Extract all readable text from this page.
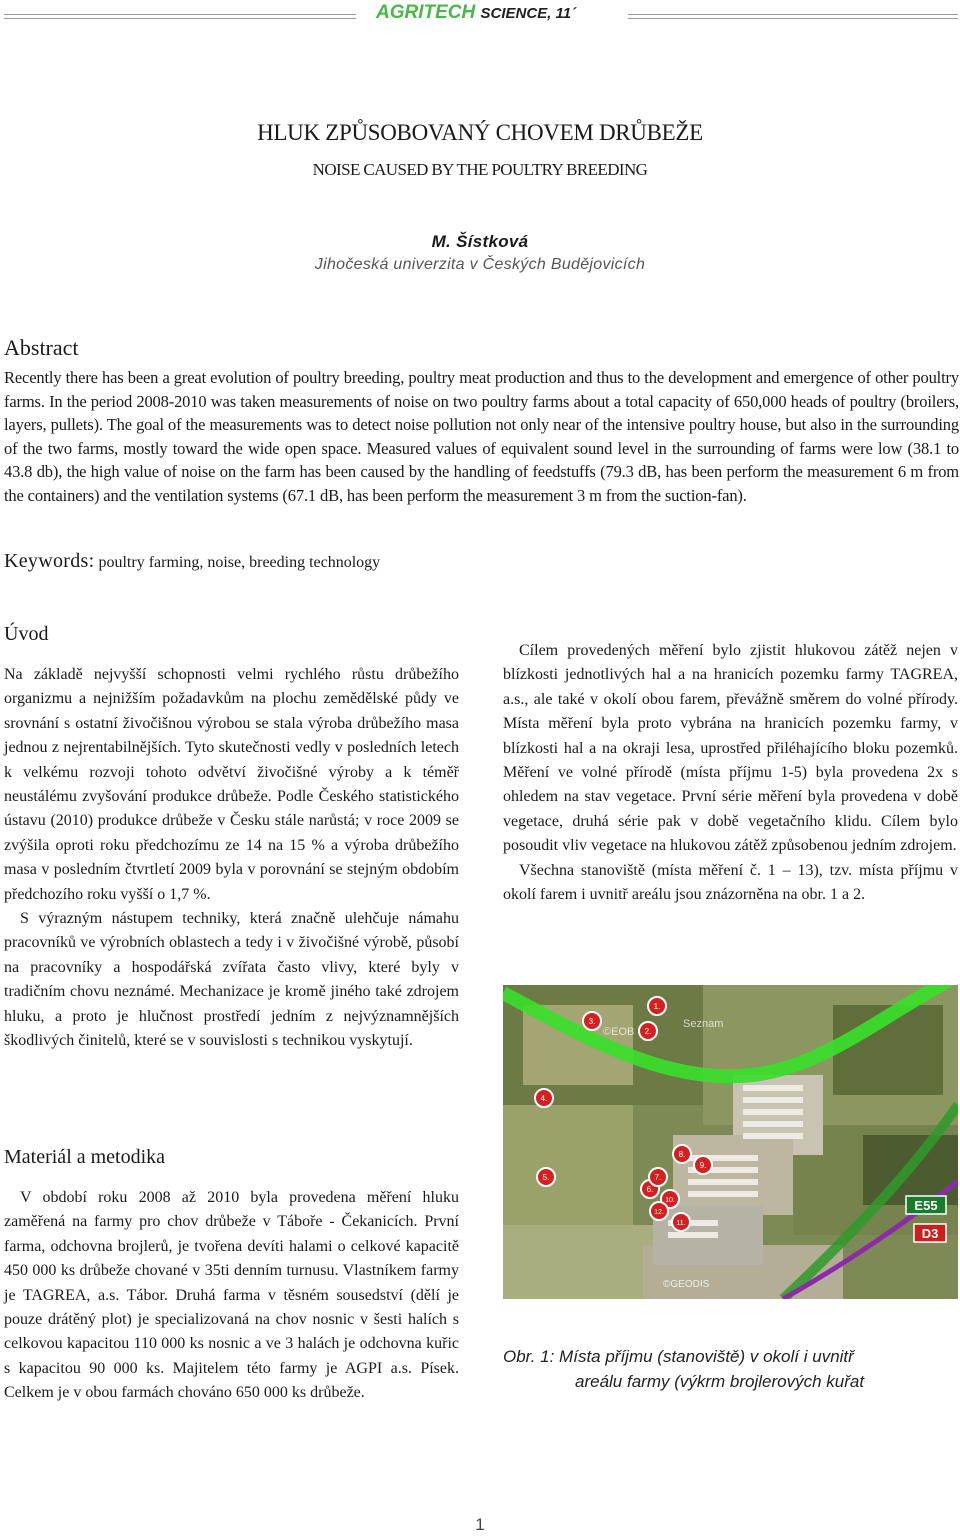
AGRITECH SCIENCE, 11´
HLUK ZPŮSOBOVANÝ CHOVEM DRŮBEŽE
NOISE CAUSED BY THE POULTRY BREEDING
M. Šístková
Jihočeská univerzita v Českých Budějovicích
Abstract
Recently there has been a great evolution of poultry breeding, poultry meat production and thus to the development and emergence of other poultry farms. In the period 2008-2010 was taken measurements of noise on two poultry farms about a total capacity of 650,000 heads of poultry (broilers, layers, pullets). The goal of the measurements was to detect noise pollution not only near of the intensive poultry house, but also in the surrounding of the two farms, mostly toward the wide open space. Measured values of equivalent sound level in the surrounding of farms were low (38.1 to 43.8 db), the high value of noise on the farm has been caused by the handling of feedstuffs (79.3 dB, has been perform the measurement 6 m from the containers) and the ventilation systems (67.1 dB, has been perform the measurement 3 m from the suction-fan).
Keywords: poultry farming, noise, breeding technology
Úvod

Na základě nejvyšší schopnosti velmi rychlého růstu drůbežího organizmu a nejnižším požadavkům na plochu zemědělské půdy ve srovnání s ostatní živočišnou výrobou se stala výroba drůbežího masa jednou z nejrentabilnějších. Tyto skutečnosti vedly v posledních letech k velkému rozvoji tohoto odvětví živočišné výroby a k téměř neustálému zvyšování produkce drůbeže. Podle Českého statistického ústavu (2010) produkce drůbeže v Česku stále narůstá; v roce 2009 se zvýšila oproti roku předchozímu ze 14 na 15 % a výroba drůbežího masa v posledním čtvrtletí 2009 byla v porovnání se stejným obdobím předchozího roku vyšší o 1,7 %.

S výrazným nástupem techniky, která značně ulehčuje námahu pracovníků ve výrobních oblastech a tedy i v živočišné výrobě, působí na pracovníky a hospodářská zvířata často vlivy, které byly v tradičním chovu neznámé. Mechanizace je kromě jiného také zdrojem hluku, a proto je hlučnost prostředí jedním z nejvýznamnějších škodlivých činitelů, které se v souvislosti s technikou vyskytují.

Materiál a metodika

V období roku 2008 až 2010 byla provedena měření hluku zaměřená na farmy pro chov drůbeže v Táboře - Čekanicích. První farma, odchovna brojlerů, je tvořena devíti halami o celkové kapacitě 450 000 ks drůbeže chované v 35ti denním turnusu. Vlastníkem farmy je TAGREA, a.s. Tábor. Druhá farma v těsném sousedství (dělí je pouze drátěný plot) je specializovaná na chov nosnic v šesti halích s celkovou kapacitou 110 000 ks nosnic a ve 3 halách je odchovna kuřic s kapacitou 90 000 ks. Majitelem této farmy je AGPI a.s. Písek. Celkem je v obou farmách chováno 650 000 ks drůbeže.

Cílem provedených měření bylo zjistit hlukovou zátěž nejen v blízkosti jednotlivých hal a na hranicích pozemku farmy TAGREA, a.s., ale také v okolí obou farem, převážně směrem do volné přírody. Místa měření byla proto vybrána na hranicích pozemku farmy, v blízkosti hal a na okraji lesa, uprostřed přiléhajícího bloku pozemků. Měření ve volné přírodě (místa příjmu 1-5) byla provedena 2x s ohledem na stav vegetace. První série měření byla provedena v době vegetace, druhá série pak v době vegetačního klidu. Cílem bylo posoudit vliv vegetace na hlukovou zátěž způsobenou jedním zdrojem.

Všechna stanoviště (místa měření č. 1 – 13), tzv. místa příjmu v okolí farem i uvnitř areálu jsou znázorněna na obr. 1 a 2.

E55
D3
©EOB
Seznam
©GEODIS
1.
2.
3.
4.
5.
6.
7.
8.
9.
10.
11.
12.
Obr. 1: Místa příjmu (stanoviště) v okolí i uvnitř
areálu farmy (výkrm brojlerových kuřat
1
